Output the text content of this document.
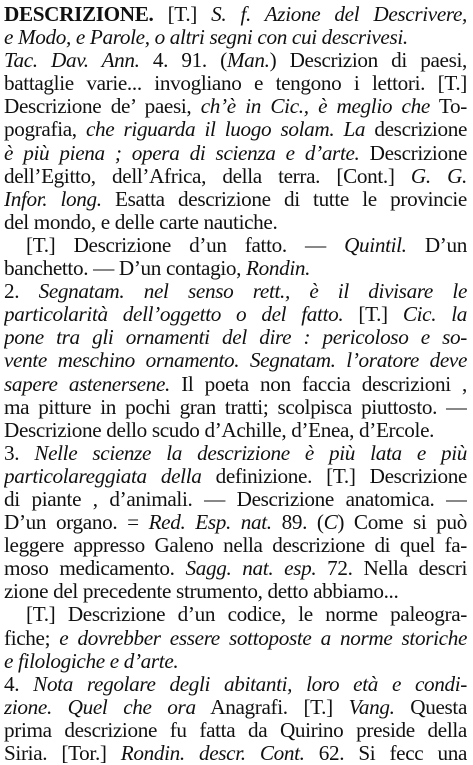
DESCRIZIONE. [T.] S. f. Azione del Descrivere,
e Modo, e Parole, o altri segni con cui descrivesi.
Tac. Dav. Ann. 4. 91. (Man.) Descrizion di paesi,
battaglie varie... invogliano e tengono i lettori. [T.]
Descrizione de’ paesi, ch’è in Cic., è meglio che To-
pografia, che riguarda il luogo solam. La descrizione
è più piena ; opera di scienza e d’arte. Descrizione
dell’Egitto, dell’Africa, della terra. [Cont.] G. G.
Infor. long. Esatta descrizione di tutte le provincie
del mondo, e delle carte nautiche.
[T.] Descrizione d’un fatto. — Quintil. D’un
banchetto. — D’un contagio, Rondin.
2. Segnatam. nel senso rett., è il divisare le
particolarità dell’oggetto o del fatto. [T.] Cic. la
pone tra gli ornamenti del dire : pericoloso e so-
vente meschino ornamento. Segnatam. l’oratore deve
sapere astenersene. Il poeta non faccia descrizioni ,
ma pitture in pochi gran tratti; scolpisca piuttosto. —
Descrizione dello scudo d’Achille, d’Enea, d’Ercole.
3. Nelle scienze la descrizione è più lata e più
particolareggiata della definizione. [T.] Descrizione
di piante , d’animali. — Descrizione anatomica. —
D’un organo. = Red. Esp. nat. 89. (C) Come si può
leggere appresso Galeno nella descrizione di quel fa-
moso medicamento. Sagg. nat. esp. 72. Nella descri
zione del precedente strumento, detto abbiamo...
[T.] Descrizione d’un codice, le norme paleogra-
fiche; e dovrebber essere sottoposte a norme storiche
e filologiche e d’arte.
4. Nota regolare degli abitanti, loro età e condi-
zione. Quel che ora Anagrafi. [T.] Vang. Questa
prima descrizione fu fatta da Quirino preside della
Siria. [Tor.] Rondin. descr. Cont. 62. Si fecc una
